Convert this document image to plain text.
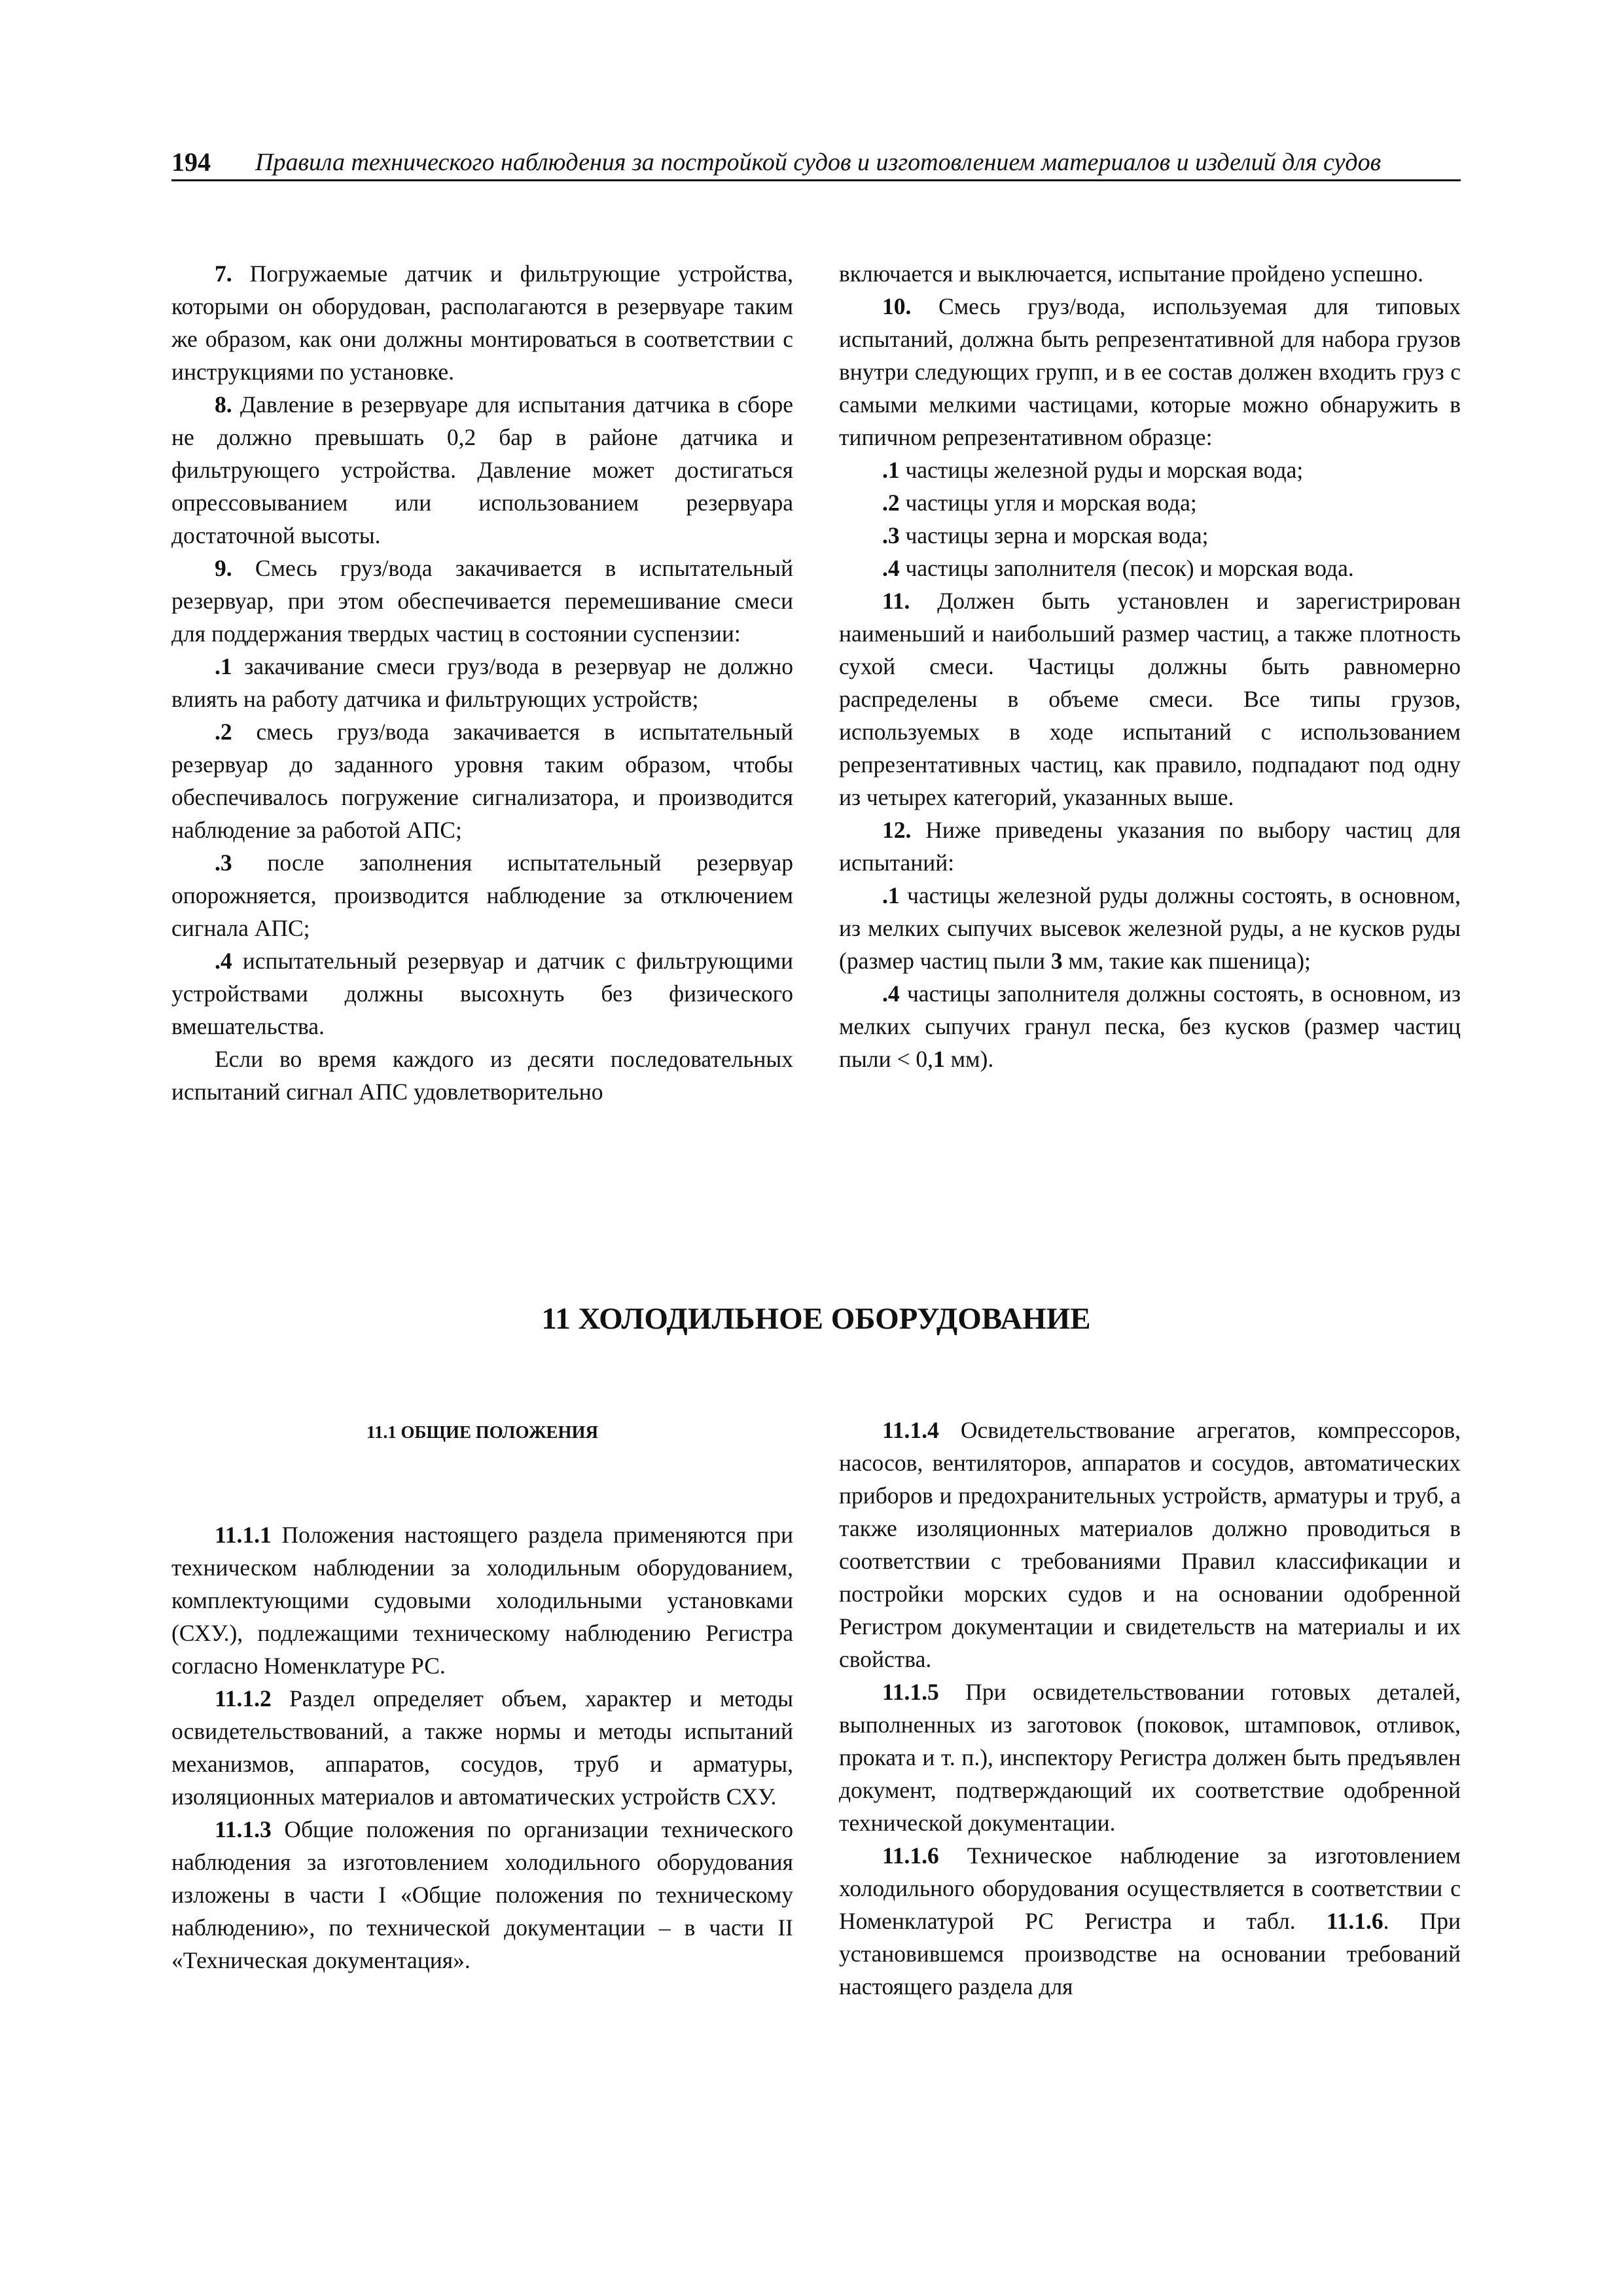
194 Правила технического наблюдения за постройкой судов и изготовлением материалов и изделий для судов

7. Погружаемые датчик и фильтрующие устройства, которыми он оборудован, располагаются в резервуаре таким же образом, как они должны монтироваться в соответствии с инструкциями по установке.

8. Давление в резервуаре для испытания датчика в сборе не должно превышать 0,2 бар в районе датчика и фильтрующего устройства. Давление может достигаться опрессовыванием или использованием резервуара достаточной высоты.

9. Смесь груз/вода закачивается в испытательный резервуар, при этом обеспечивается перемешивание смеси для поддержания твердых частиц в состоянии суспензии:

.1 закачивание смеси груз/вода в резервуар не должно влиять на работу датчика и фильтрующих устройств;

.2 смесь груз/вода закачивается в испытательный резервуар до заданного уровня таким образом, чтобы обеспечивалось погружение сигнализатора, и производится наблюдение за работой АПС;

.3 после заполнения испытательный резервуар опорожняется, производится наблюдение за отключением сигнала АПС;

.4 испытательный резервуар и датчик с фильтрующими устройствами должны высохнуть без физического вмешательства.

Если во время каждого из десяти последовательных испытаний сигнал АПС удовлетворительно

включается и выключается, испытание пройдено успешно.

10. Смесь груз/вода, используемая для типовых испытаний, должна быть репрезентативной для набора грузов внутри следующих групп, и в ее состав должен входить груз с самыми мелкими частицами, которые можно обнаружить в типичном репрезентативном образце:

.1 частицы железной руды и морская вода;

.2 частицы угля и морская вода;

.3 частицы зерна и морская вода;

.4 частицы заполнителя (песок) и морская вода.

11. Должен быть установлен и зарегистрирован наименьший и наибольший размер частиц, а также плотность сухой смеси. Частицы должны быть равномерно распределены в объеме смеси. Все типы грузов, используемых в ходе испытаний с использованием репрезентативных частиц, как правило, подпадают под одну из четырех категорий, указанных выше.

12. Ниже приведены указания по выбору частиц для испытаний:

.1 частицы железной руды должны состоять, в основном, из мелких сыпучих высевок железной руды, а не кусков руды (размер частиц пыли 3 мм, такие как пшеница);

.4 частицы заполнителя должны состоять, в основном, из мелких сыпучих гранул песка, без кусков (размер частиц пыли < 0,1 мм).

11 ХОЛОДИЛЬНОЕ ОБОРУДОВАНИЕ
11.1 ОБЩИЕ ПОЛОЖЕНИЯ

11.1.1 Положения настоящего раздела применяются при техническом наблюдении за холодильным оборудованием, комплектующими судовыми холодильными установками (СХУ.), подлежащими техническому наблюдению Регистра согласно Номенклатуре РС.

11.1.2 Раздел определяет объем, характер и методы освидетельствований, а также нормы и методы испытаний механизмов, аппаратов, сосудов, труб и арматуры, изоляционных материалов и автоматических устройств СХУ.

11.1.3 Общие положения по организации технического наблюдения за изготовлением холодильного оборудования изложены в части I «Общие положения по техническому наблюдению», по технической документации – в части II «Техническая документация».

11.1.4 Освидетельствование агрегатов, компрессоров, насосов, вентиляторов, аппаратов и сосудов, автоматических приборов и предохранительных устройств, арматуры и труб, а также изоляционных материалов должно проводиться в соответствии с требованиями Правил классификации и постройки морских судов и на основании одобренной Регистром документации и свидетельств на материалы и их свойства.

11.1.5 При освидетельствовании готовых деталей, выполненных из заготовок (поковок, штамповок, отливок, проката и т. п.), инспектору Регистра должен быть предъявлен документ, подтверждающий их соответствие одобренной технической документации.

11.1.6 Техническое наблюдение за изготовлением холодильного оборудования осуществляется в соответствии с Номенклатурой РС Регистра и табл. 11.1.6. При установившемся производстве на основании требований настоящего раздела для
